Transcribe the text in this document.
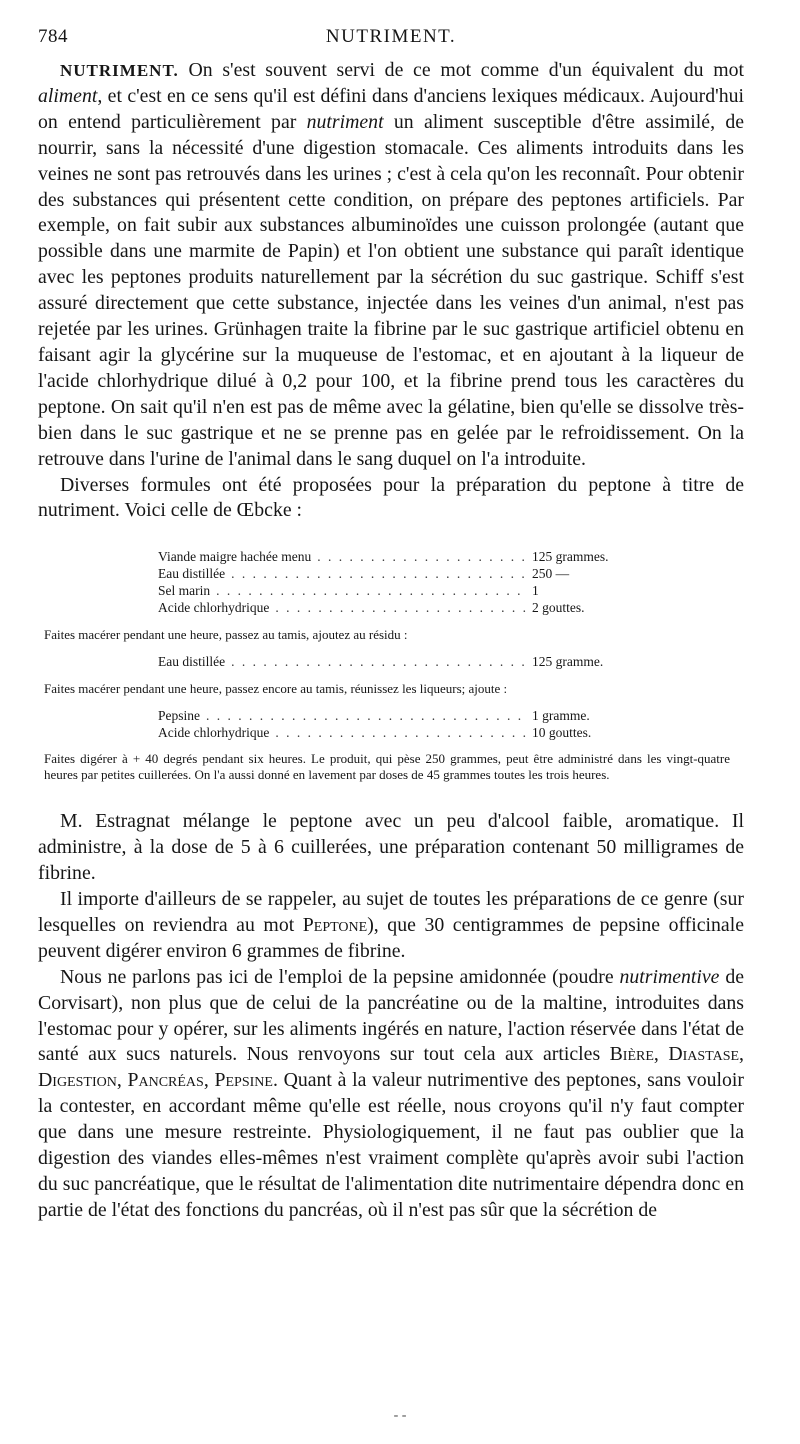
784	NUTRIMENT.

NUTRIMENT. On s'est souvent servi de ce mot comme d'un équivalent du mot aliment, et c'est en ce sens qu'il est défini dans d'anciens lexiques médicaux. Aujourd'hui on entend particulièrement par nutriment un aliment susceptible d'être assimilé, de nourrir, sans la nécessité d'une digestion stomacale. Ces aliments introduits dans les veines ne sont pas retrouvés dans les urines ; c'est à cela qu'on les reconnaît. Pour obtenir des substances qui présentent cette condition, on prépare des peptones artificiels. Par exemple, on fait subir aux substances albuminoïdes une cuisson prolongée (autant que possible dans une marmite de Papin) et l'on obtient une substance qui paraît identique avec les peptones produits naturellement par la sécrétion du suc gastrique. Schiff s'est assuré directement que cette substance, injectée dans les veines d'un animal, n'est pas rejetée par les urines. Grünhagen traite la fibrine par le suc gastrique artificiel obtenu en faisant agir la glycérine sur la muqueuse de l'estomac, et en ajoutant à la liqueur de l'acide chlorhydrique dilué à 0,2 pour 100, et la fibrine prend tous les caractères du peptone. On sait qu'il n'en est pas de même avec la gélatine, bien qu'elle se dissolve très-bien dans le suc gastrique et ne se prenne pas en gelée par le refroidissement. On la retrouve dans l'urine de l'animal dans le sang duquel on l'a introduite.

Diverses formules ont été proposées pour la préparation du peptone à titre de nutriment. Voici celle de Œbcke :

Viande maigre hachée menu . . .	125 grammes.
Eau distillée . . .	250 —
Sel marin . . .	1
Acide chlorhydrique . . .	2 gouttes.
Faites macérer pendant une heure, passez au tamis, ajoutez au résidu :
Eau distillée . . .	125 gramme.
Faites macérer pendant une heure, passez encore au tamis, réunissez les liqueurs; ajoute :
Pepsine . . .	1 gramme.
Acide chlorhydrique . . .	10 gouttes.
Faites digérer à + 40 degrés pendant six heures. Le produit, qui pèse 250 grammes, peut être administré dans les vingt-quatre heures par petites cuillerées. On l'a aussi donné en lavement par doses de 45 grammes toutes les trois heures.

M. Estragnat mélange le peptone avec un peu d'alcool faible, aromatique. Il administre, à la dose de 5 à 6 cuillerées, une préparation contenant 50 milligrames de fibrine.

Il importe d'ailleurs de se rappeler, au sujet de toutes les préparations de ce genre (sur lesquelles on reviendra au mot Peptone), que 30 centigrammes de pepsine officinale peuvent digérer environ 6 grammes de fibrine.

Nous ne parlons pas ici de l'emploi de la pepsine amidonnée (poudre nutrimentive de Corvisart), non plus que de celui de la pancréatine ou de la maltine, introduites dans l'estomac pour y opérer, sur les aliments ingérés en nature, l'action réservée dans l'état de santé aux sucs naturels. Nous renvoyons sur tout cela aux articles Bière, Diastase, Digestion, Pancréas, Pepsine. Quant à la valeur nutrimentive des peptones, sans vouloir la contester, en accordant même qu'elle est réelle, nous croyons qu'il n'y faut compter que dans une mesure restreinte. Physiologiquement, il ne faut pas oublier que la digestion des viandes elles-mêmes n'est vraiment complète qu'après avoir subi l'action du suc pancréatique, que le résultat de l'alimentation dite nutrimentaire dépendra donc en partie de l'état des fonctions du pancréas, où il n'est pas sûr que la sécrétion de

- -
